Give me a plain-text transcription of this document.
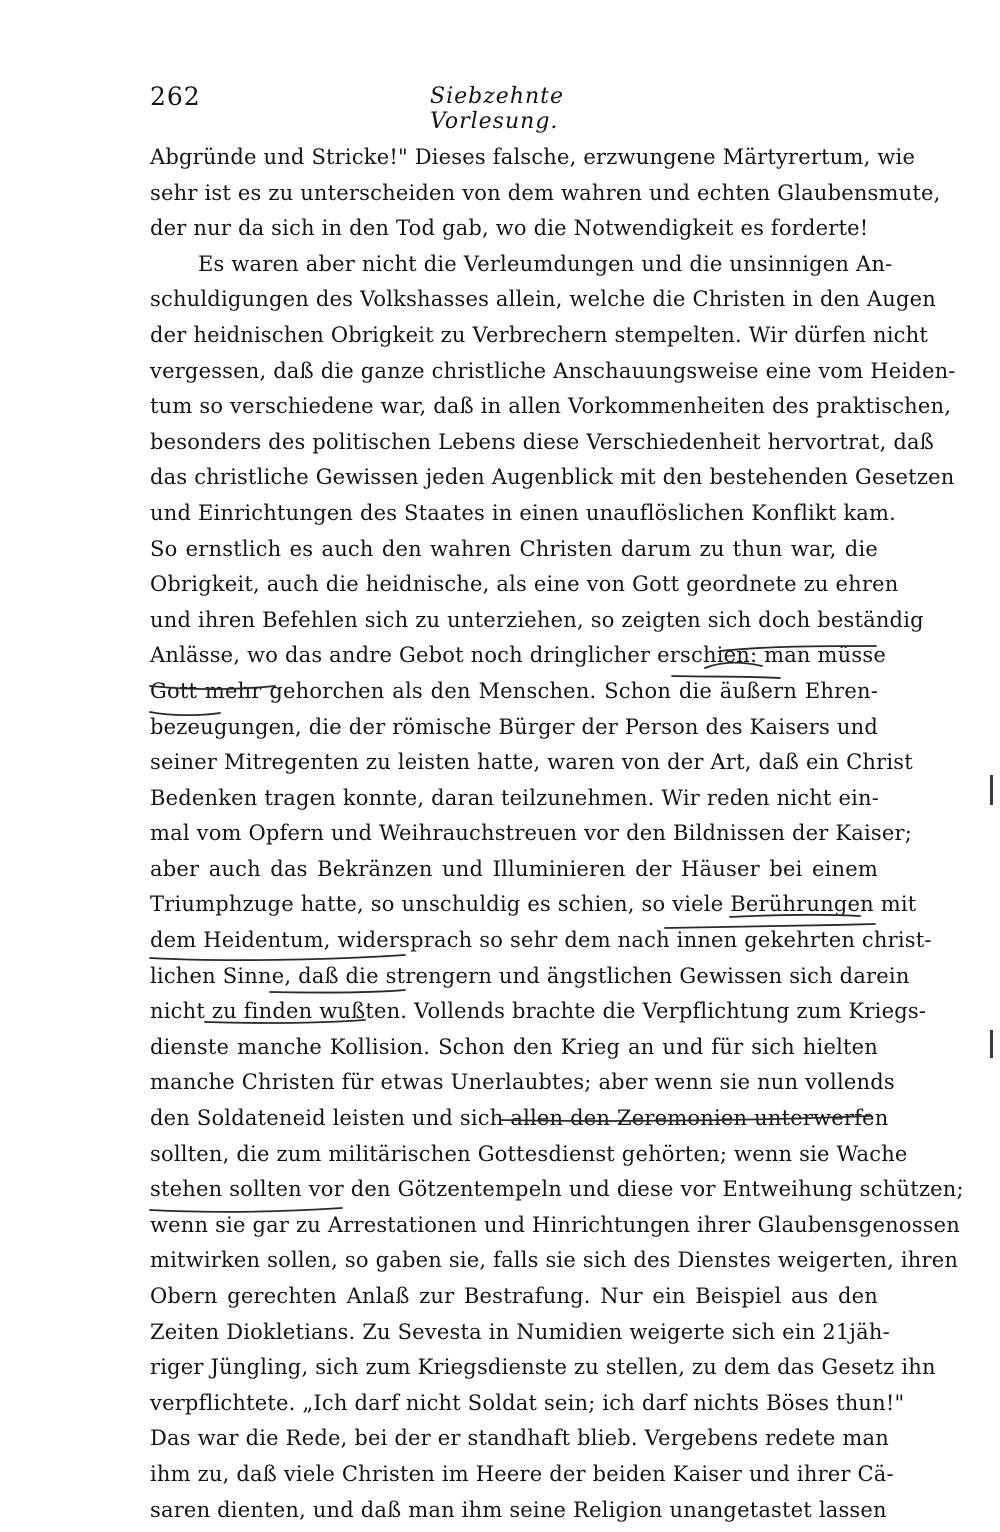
262	Siebzehnte Vorlesung.
Abgründe und Stricke!" Dieses falsche, erzwungene Märtyrertum, wie
sehr ist es zu unterscheiden von dem wahren und echten Glaubensmute,
der nur da sich in den Tod gab, wo die Notwendigkeit es forderte!
Es waren aber nicht die Verleumdungen und die unsinnigen An-
schuldigungen des Volkshasses allein, welche die Christen in den Augen
der heidnischen Obrigkeit zu Verbrechern stempelten. Wir dürfen nicht
vergessen, daß die ganze christliche Anschauungsweise eine vom Heiden-
tum so verschiedene war, daß in allen Vorkommenheiten des praktischen,
besonders des politischen Lebens diese Verschiedenheit hervortrat, daß
das christliche Gewissen jeden Augenblick mit den bestehenden Gesetzen
und Einrichtungen des Staates in einen unauflöslichen Konflikt kam.
So ernstlich es auch den wahren Christen darum zu thun war, die
Obrigkeit, auch die heidnische, als eine von Gott geordnete zu ehren
und ihren Befehlen sich zu unterziehen, so zeigten sich doch beständig
Anlässe, wo das andre Gebot noch dringlicher erschien: man müsse
Gott mehr gehorchen als den Menschen. Schon die äußern Ehren-
bezeugungen, die der römische Bürger der Person des Kaisers und
seiner Mitregenten zu leisten hatte, waren von der Art, daß ein Christ
Bedenken tragen konnte, daran teilzunehmen. Wir reden nicht ein-
mal vom Opfern und Weihrauchstreuen vor den Bildnissen der Kaiser;
aber auch das Bekränzen und Illuminieren der Häuser bei einem
Triumphzuge hatte, so unschuldig es schien, so viele Berührungen mit
dem Heidentum, widersprach so sehr dem nach innen gekehrten christ-
lichen Sinne, daß die strengern und ängstlichen Gewissen sich darein
nicht zu finden wußten. Vollends brachte die Verpflichtung zum Kriegs-
dienste manche Kollision. Schon den Krieg an und für sich hielten
manche Christen für etwas Unerlaubtes; aber wenn sie nun vollends
den Soldateneid leisten und sich allen den Zeremonien unterwerfen
sollten, die zum militärischen Gottesdienst gehörten; wenn sie Wache
stehen sollten vor den Götzentempeln und diese vor Entweihung schützen;
wenn sie gar zu Arrestationen und Hinrichtungen ihrer Glaubensgenossen
mitwirken sollen, so gaben sie, falls sie sich des Dienstes weigerten, ihren
Obern gerechten Anlaß zur Bestrafung. Nur ein Beispiel aus den
Zeiten Diokletians. Zu Sevesta in Numidien weigerte sich ein 21jäh-
riger Jüngling, sich zum Kriegsdienste zu stellen, zu dem das Gesetz ihn
verpflichtete. „Ich darf nicht Soldat sein; ich darf nichts Böses thun!"
Das war die Rede, bei der er standhaft blieb. Vergebens redete man
ihm zu, daß viele Christen im Heere der beiden Kaiser und ihrer Cä-
saren dienten, und daß man ihm seine Religion unangetastet lassen
